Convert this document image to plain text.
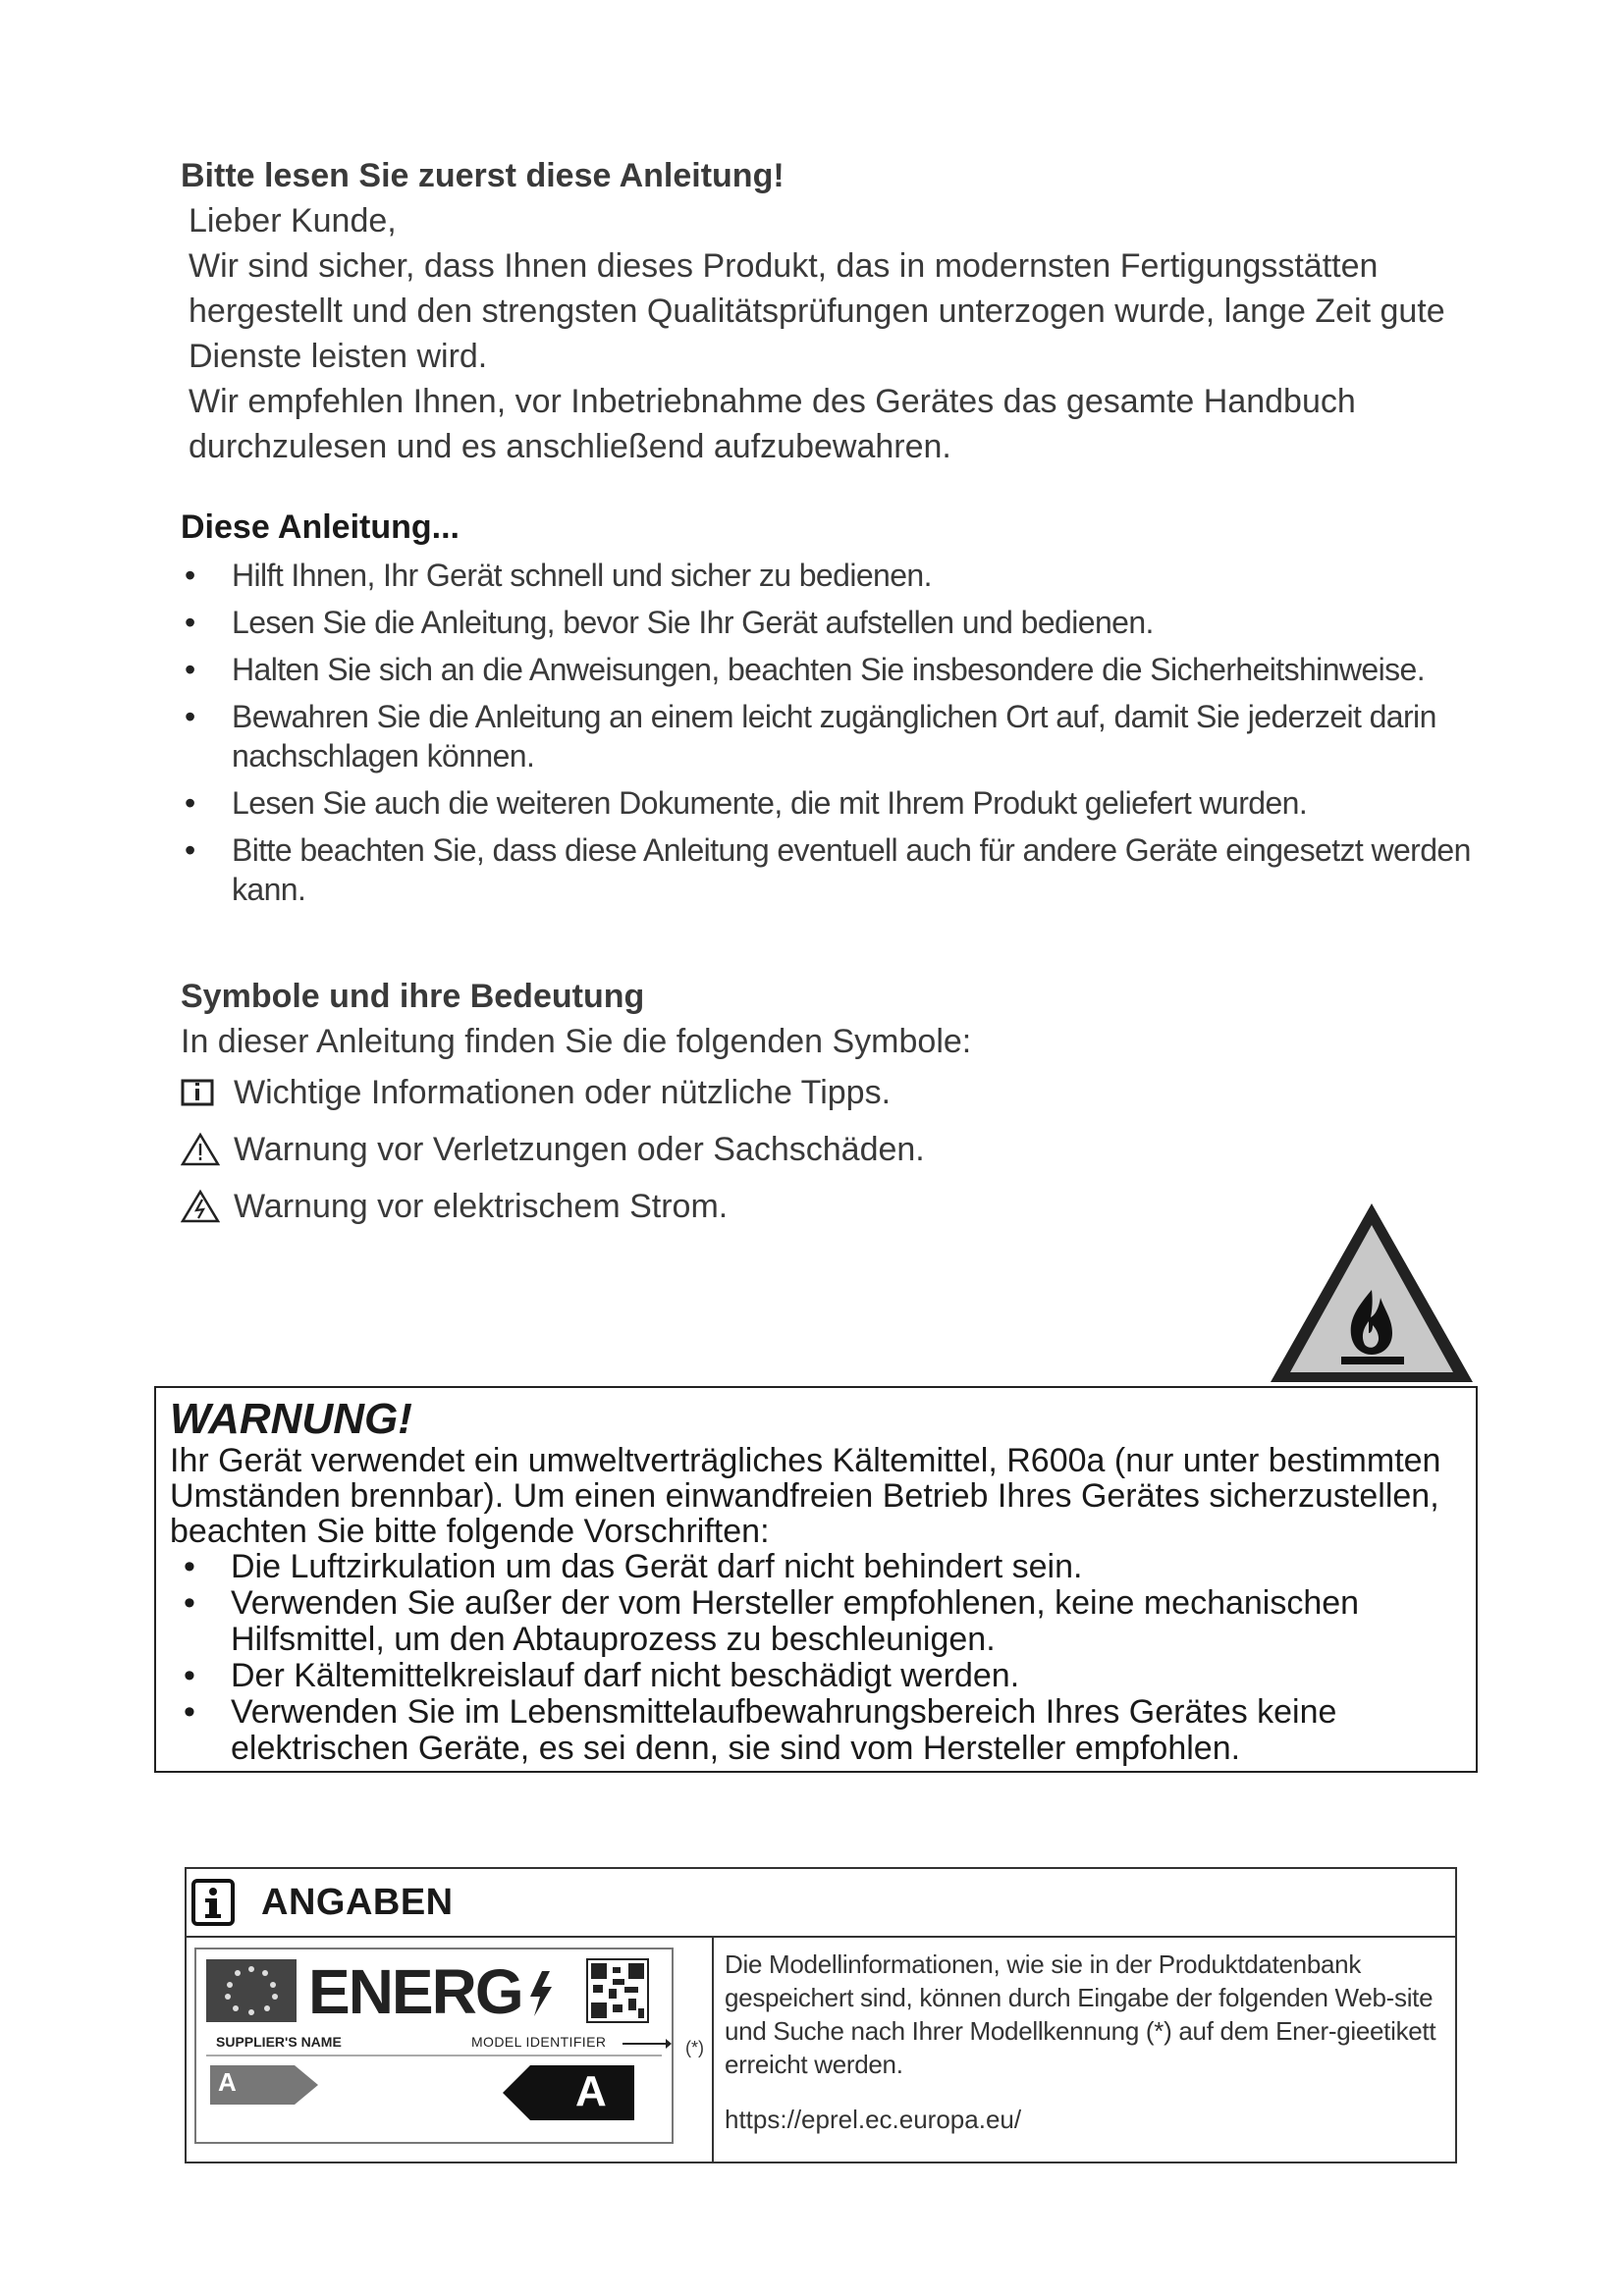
Bitte lesen Sie zuerst diese Anleitung!

Lieber Kunde,

Wir sind sicher, dass Ihnen dieses Produkt, das in modernsten Fertigungsstätten hergestellt und den strengsten Qualitätsprüfungen unterzogen wurde, lange Zeit gute Dienste leisten wird.

Wir empfehlen Ihnen, vor Inbetriebnahme des Gerätes das gesamte Handbuch durchzulesen und es anschließend aufzubewahren.

Diese Anleitung...

• Hilft Ihnen, Ihr Gerät schnell und sicher zu bedienen.
• Lesen Sie die Anleitung, bevor Sie Ihr Gerät aufstellen und bedienen.
• Halten Sie sich an die Anweisungen, beachten Sie insbesondere die Sicherheitshinweise.
• Bewahren Sie die Anleitung an einem leicht zugänglichen Ort auf, damit Sie jederzeit darin nachschlagen können.
• Lesen Sie auch die weiteren Dokumente, die mit Ihrem Produkt geliefert wurden.
• Bitte beachten Sie, dass diese Anleitung eventuell auch für andere Geräte eingesetzt werden kann.

Symbole und ihre Bedeutung

In dieser Anleitung finden Sie die folgenden Symbole:

Wichtige Informationen oder nützliche Tipps.
Warnung vor Verletzungen oder Sachschäden.
Warnung vor elektrischem Strom.

WARNUNG!

Ihr Gerät verwendet ein umweltverträgliches Kältemittel, R600a (nur unter bestimmten Umständen brennbar). Um einen einwandfreien Betrieb Ihres Gerätes sicherzustellen, beachten Sie bitte folgende Vorschriften:

• Die Luftzirkulation um das Gerät darf nicht behindert sein.
• Verwenden Sie außer der vom Hersteller empfohlenen, keine mechanischen Hilfsmittel, um den Abtauprozess zu beschleunigen.
• Der Kältemittelkreislauf darf nicht beschädigt werden.
• Verwenden Sie im Lebensmittelaufbewahrungsbereich Ihres Gerätes keine elektrischen Geräte, es sei denn, sie sind vom Hersteller empfohlen.
ANGABEN
ENERG
SUPPLIER'S NAME	MODEL IDENTIFIER
A	A
(*)
Die Modellinformationen, wie sie in der Produktdatenbank gespeichert sind, können durch Eingabe der folgenden Web-site und Suche nach Ihrer Modellkennung (*) auf dem Ener-gieetikett erreicht werden.
https://eprel.ec.europa.eu/
